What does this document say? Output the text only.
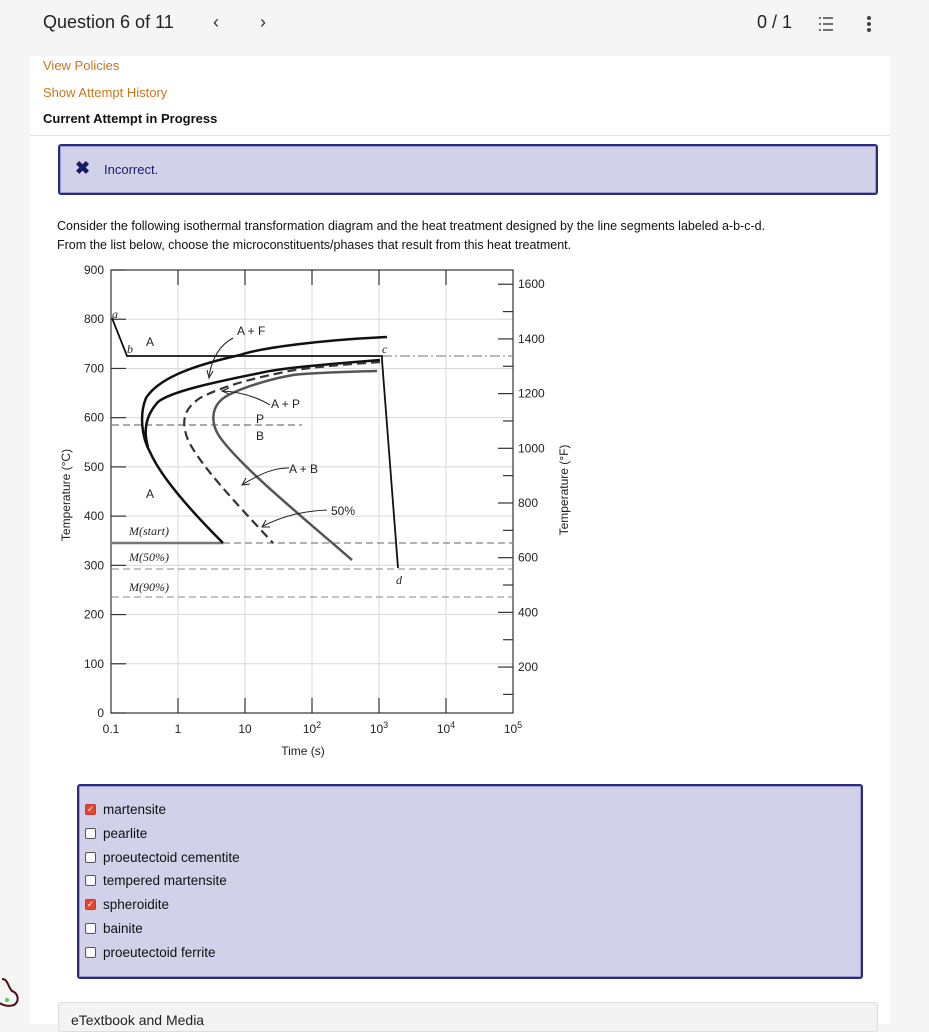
Question 6 of 11 ‹ ›	0 / 1
View Policies
Show Attempt History
Current Attempt in Progress
✖ Incorrect.
Consider the following isothermal transformation diagram and the heat treatment designed by the line segments labeled a-b-c-d.
From the list below, choose the microconstituents/phases that result from this heat treatment.
900
800
700
600
500
400
300
200
100
0
1600
1400
1200
1000
800
600
400
200
0.1	1	10	$10^2$	$10^3$	$10^4$	$10^5$
a
b	c
d
A
A
A + F
A + P
P
B
A + B
50%
M(start)
M(50%)
M(90%)
Temperature (°C)	Temperature (°F)
Time (s)
✓ martensite
pearlite
proeutectoid cementite
tempered martensite
✓ spheroidite
bainite
proeutectoid ferrite
eTextbook and Media
